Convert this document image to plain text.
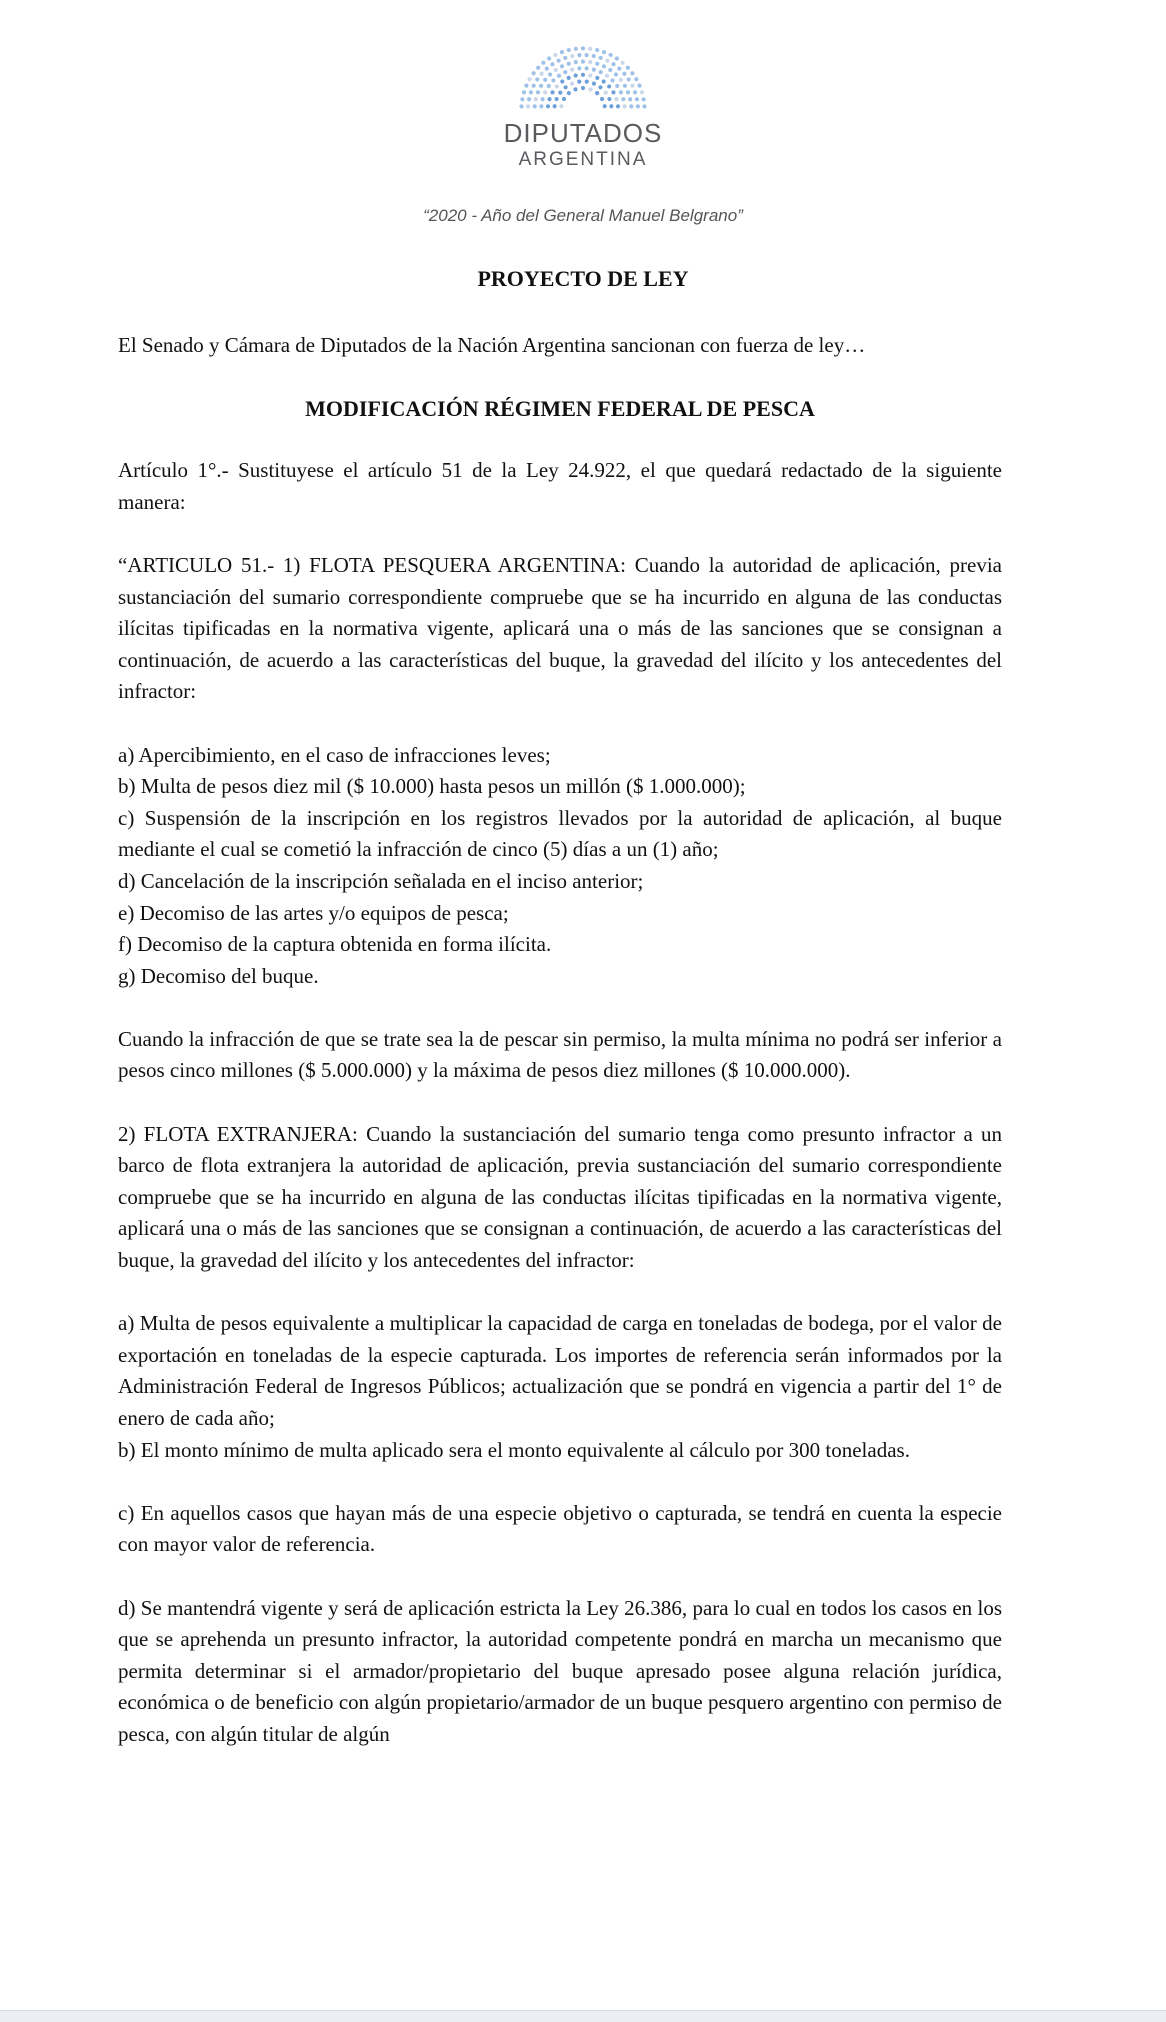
DIPUTADOS
ARGENTINA
“2020 - Año del General Manuel Belgrano”
PROYECTO DE LEY

El Senado y Cámara de Diputados de la Nación Argentina sancionan con fuerza de ley…

MODIFICACIÓN RÉGIMEN FEDERAL DE PESCA

Artículo 1°.- Sustituyese el artículo 51 de la Ley 24.922, el que quedará redactado de la siguiente manera:

“ARTICULO 51.- 1) FLOTA PESQUERA ARGENTINA: Cuando la autoridad de aplicación, previa sustanciación del sumario correspondiente compruebe que se ha incurrido en alguna de las conductas ilícitas tipificadas en la normativa vigente, aplicará una o más de las sanciones que se consignan a continuación, de acuerdo a las características del buque, la gravedad del ilícito y los antecedentes del infractor:

a) Apercibimiento, en el caso de infracciones leves;

b) Multa de pesos diez mil ($ 10.000) hasta pesos un millón ($ 1.000.000);

c) Suspensión de la inscripción en los registros llevados por la autoridad de aplicación, al buque mediante el cual se cometió la infracción de cinco (5) días a un (1) año;

d) Cancelación de la inscripción señalada en el inciso anterior;

e) Decomiso de las artes y/o equipos de pesca;

f) Decomiso de la captura obtenida en forma ilícita.

g) Decomiso del buque.

Cuando la infracción de que se trate sea la de pescar sin permiso, la multa mínima no podrá ser inferior a pesos cinco millones ($ 5.000.000) y la máxima de pesos diez millones ($ 10.000.000).

2) FLOTA EXTRANJERA: Cuando la sustanciación del sumario tenga como presunto infractor a un barco de flota extranjera la autoridad de aplicación, previa sustanciación del sumario correspondiente compruebe que se ha incurrido en alguna de las conductas ilícitas tipificadas en la normativa vigente, aplicará una o más de las sanciones que se consignan a continuación, de acuerdo a las características del buque, la gravedad del ilícito y los antecedentes del infractor:

a) Multa de pesos equivalente a multiplicar la capacidad de carga en toneladas de bodega, por el valor de exportación en toneladas de la especie capturada. Los importes de referencia serán informados por la Administración Federal de Ingresos Públicos; actualización que se pondrá en vigencia a partir del 1° de enero de cada año;

b) El monto mínimo de multa aplicado sera el monto equivalente al cálculo por 300 toneladas.

c) En aquellos casos que hayan más de una especie objetivo o capturada, se tendrá en cuenta la especie con mayor valor de referencia.

d) Se mantendrá vigente y será de aplicación estricta la Ley 26.386, para lo cual en todos los casos en los que se aprehenda un presunto infractor, la autoridad competente pondrá en marcha un mecanismo que permita determinar si el armador/propietario del buque apresado posee alguna relación jurídica, económica o de beneficio con algún propietario/armador de un buque pesquero argentino con permiso de pesca, con algún titular de algún
